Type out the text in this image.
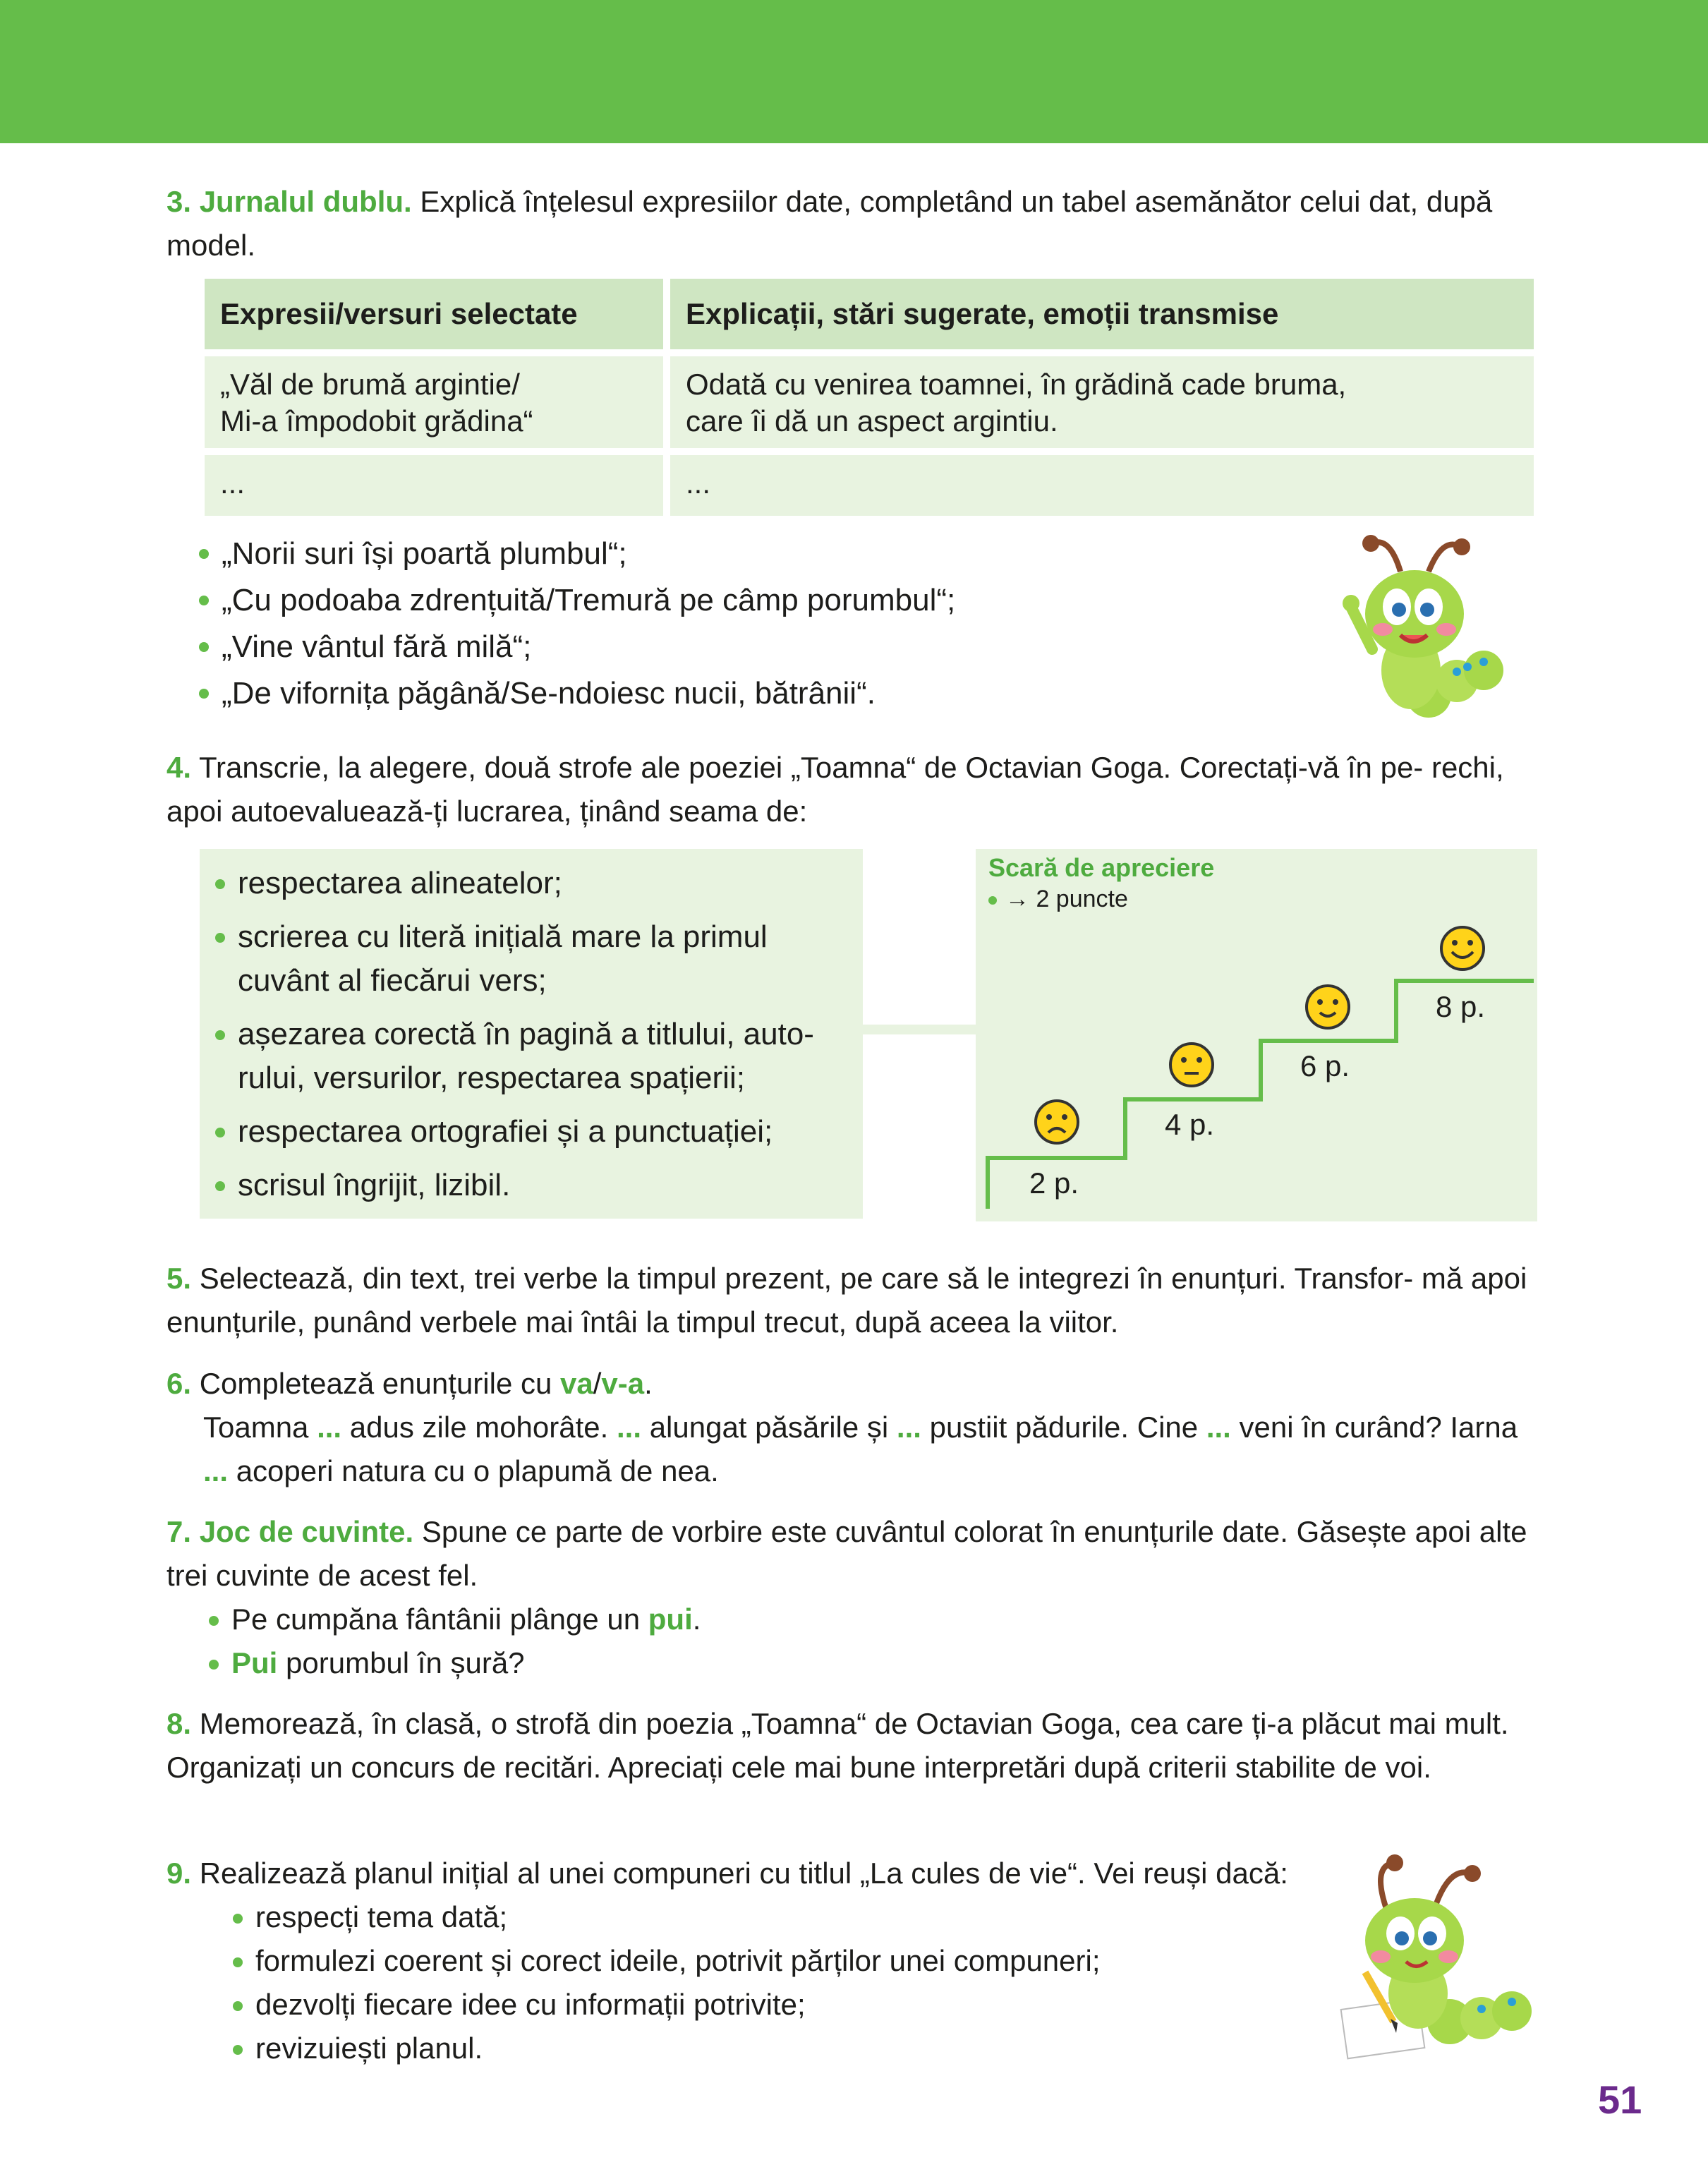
3. Jurnalul dublu. Explică înțelesul expresiilor date, completând un tabel asemănător celui dat, după model.
Expresii/versuri selectate	Explicații, stări sugerate, emoții transmise
„Văl de brumă argintie/
Mi-a împodobit grădina“
Odată cu venirea toamnei, în grădină cade bruma,
care îi dă un aspect argintiu.
...	...
„Norii suri își poartă plumbul“;
„Cu podoaba zdrențuită/Tremură pe câmp porumbul“;
„Vine vântul fără milă“;
„De vifornița păgână/Se-ndoiesc nucii, bătrânii“.
4. Transcrie, la alegere, două strofe ale poeziei „Toamna“ de Octavian Goga. Corectați-vă în pe- rechi, apoi autoevaluează-ți lucrarea, ținând seama de:
respectarea alineatelor;
scrierea cu literă inițială mare la primul cuvânt al fiecărui vers;
așezarea corectă în pagină a titlului, auto- rului, versurilor, respectarea spațierii;
respectarea ortografiei și a punctuației;
scrisul îngrijit, lizibil.
Scară de apreciere
→ 2 puncte
2 p.
4 p.
6 p.
8 p.
5. Selectează, din text, trei verbe la timpul prezent, pe care să le integrezi în enunțuri. Transfor- mă apoi enunțurile, punând verbele mai întâi la timpul trecut, după aceea la viitor.
6. Completează enunțurile cu va/v-a.
Toamna ... adus zile mohorâte. ... alungat păsările și ... pustiit pădurile. Cine ... veni în curând? Iarna ... acoperi natura cu o plapumă de nea.
7. Joc de cuvinte. Spune ce parte de vorbire este cuvântul colorat în enunțurile date. Găsește apoi alte trei cuvinte de acest fel.
Pe cumpăna fântânii plânge un pui.
Pui porumbul în șură?
8. Memorează, în clasă, o strofă din poezia „Toamna“ de Octavian Goga, cea care ți-a plăcut mai mult. Organizați un concurs de recitări. Apreciați cele mai bune interpretări după criterii stabilite de voi.
9. Realizează planul inițial al unei compuneri cu titlul „La cules de vie“. Vei reuși dacă:
respecți tema dată;
formulezi coerent și corect ideile, potrivit părților unei compuneri;
dezvolți fiecare idee cu informații potrivite;
revizuiești planul.
51
